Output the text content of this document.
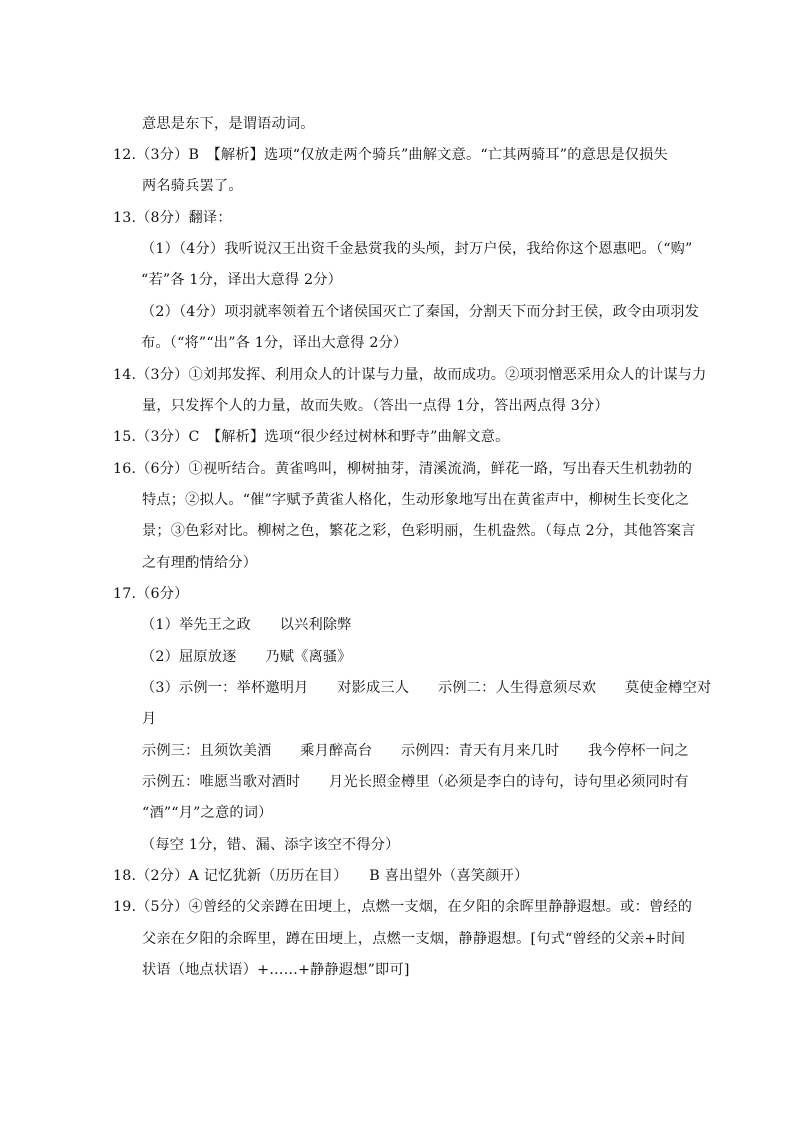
意思是东下，是谓语动词。
12.（3分）B　【解析】选项“仅放走两个骑兵”曲解文意。“亡其两骑耳”的意思是仅损失
两名骑兵罢了。
13.（8分）翻译：
（1）（4分）我听说汉王出资千金悬赏我的头颅，封万户侯，我给你这个恩惠吧。（“购”
“若”各 1分，译出大意得 2分）
（2）（4分）项羽就率领着五个诸侯国灭亡了秦国，分割天下而分封王侯，政令由项羽发
布。（“将”“出”各 1分，译出大意得 2分）
14.（3分）①刘邦发挥、利用众人的计谋与力量，故而成功。②项羽憎恶采用众人的计谋与力
量，只发挥个人的力量，故而失败。（答出一点得 1分，答出两点得 3分）
15.（3分）C　【解析】选项“很少经过树林和野寺”曲解文意。
16.（6分）①视听结合。黄雀鸣叫，柳树抽芽，清溪流淌，鲜花一路，写出春天生机勃勃的
特点；②拟人。“催”字赋予黄雀人格化，生动形象地写出在黄雀声中，柳树生长变化之
景；③色彩对比。柳树之色，繁花之彩，色彩明丽，生机盎然。（每点 2分，其他答案言
之有理酌情给分）
17.（6分）
（1）举先王之政　　以兴利除弊
（2）屈原放逐　　乃赋《离骚》
（3）示例一：举杯邀明月　　对影成三人　　示例二：人生得意须尽欢　　莫使金樽空对
月
示例三：且须饮美酒　　乘月醉高台　　示例四：青天有月来几时　　我今停杯一问之
示例五：唯愿当歌对酒时　　月光长照金樽里（必须是李白的诗句，诗句里必须同时有
“酒”“月”之意的词）
（每空 1分，错、漏、添字该空不得分）
18.（2分）A 记忆犹新（历历在目）　　B 喜出望外（喜笑颜开）
19.（5分）④曾经的父亲蹲在田埂上，点燃一支烟，在夕阳的余晖里静静遐想。或：曾经的
父亲在夕阳的余晖里，蹲在田埂上，点燃一支烟，静静遐想。[句式“曾经的父亲+时间
状语（地点状语）+……+静静遐想”即可]
